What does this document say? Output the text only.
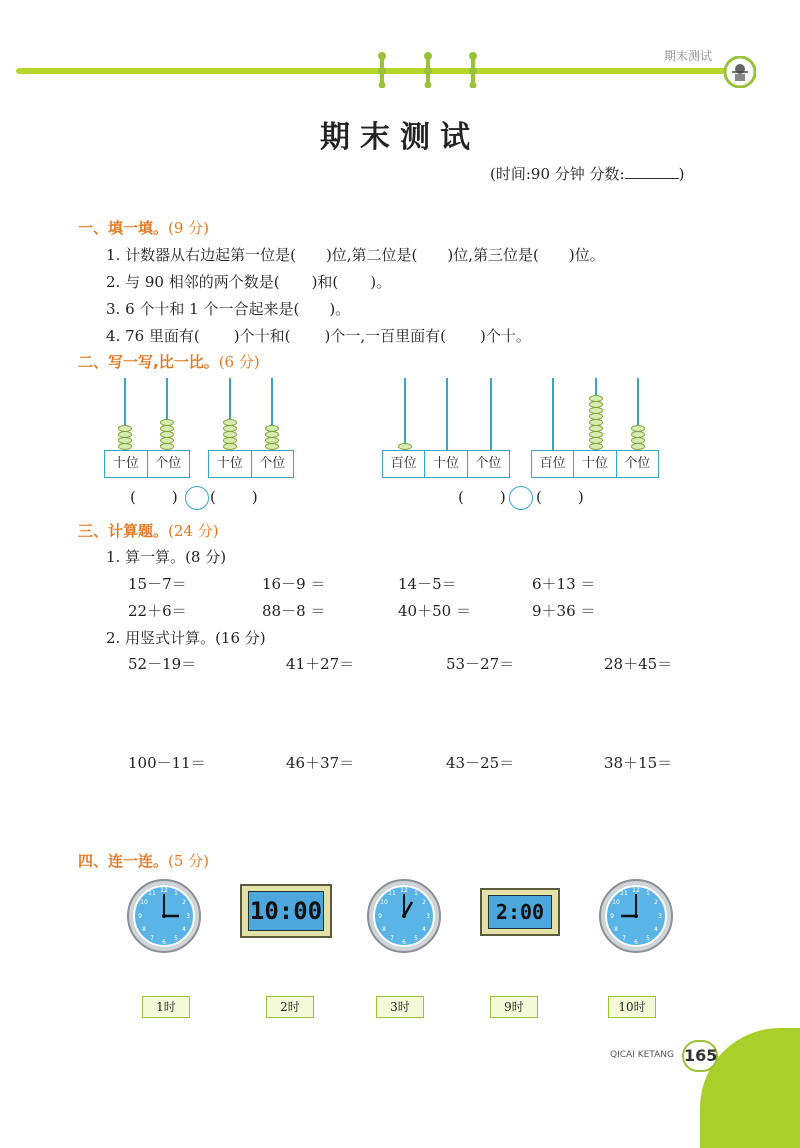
期末测试
期末测试
(时间:90 分钟 分数:	)
一、填一填。(9 分)
1. 计数器从右边起第一位是( )位,第二位是( )位,第三位是( )位。
2. 与 90 相邻的两个数是( )和( )。
3. 6 个十和 1 个一合起来是( )。
4. 76 里面有( )个十和( )个一,一百里面有( )个十。
二、写一写,比一比。(6 分)
十位	个位	十位	个位
( ) ( )
百位	十位	个位	百位	十位	个位
( ) ( )
三、计算题。(24 分)
1. 算一算。(8 分)
15－7＝	16－9 ＝	14－5＝	6＋13 ＝
22＋6＝	88－8 ＝	40＋50 ＝	9＋36 ＝
2. 用竖式计算。(16 分)
52－19＝	41＋27＝	53－27＝	28＋45＝
100－11＝	46＋37＝	43－25＝	38＋15＝
四、连一连。(5 分)
12 1
2
3
4
5
6
7
8
9
10
11
10:00
12 1
2
3
4
5
6
7
8
9
10
11
2:00
12 1
2
3
4
5
6
7
8
9
10
11
1时	2时	3时	9时	10时
QICAI KETANG 165
